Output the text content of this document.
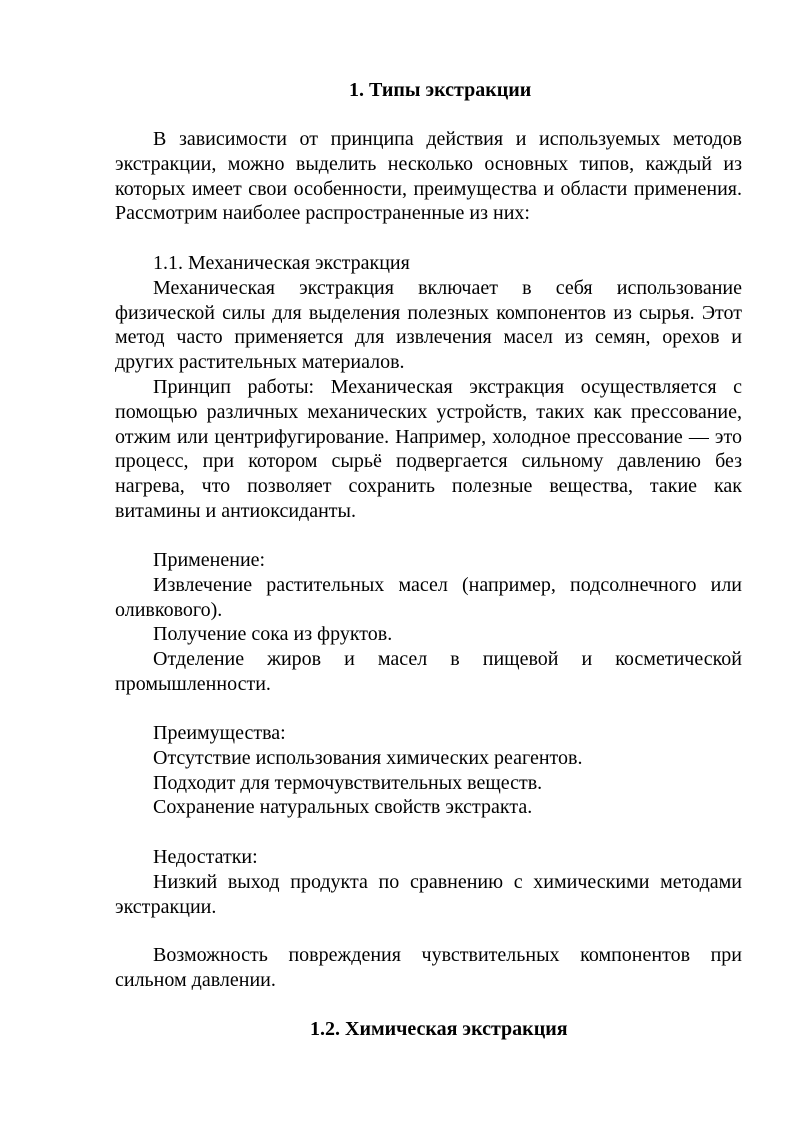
1. Типы экстракции

В зависимости от принципа действия и используемых методов экстракции, можно выделить несколько основных типов, каждый из которых имеет свои особенности, преимущества и области применения. Рассмотрим наиболее распространенные из них:

1.1. Механическая экстракция

Механическая экстракция включает в себя использование физической силы для выделения полезных компонентов из сырья. Этот метод часто применяется для извлечения масел из семян, орехов и других растительных материалов.

Принцип работы: Механическая экстракция осуществляется с помощью различных механических устройств, таких как прессование, отжим или центрифугирование. Например, холодное прессование — это процесс, при котором сырьё подвергается сильному давлению без нагрева, что позволяет сохранить полезные вещества, такие как витамины и антиоксиданты.

Применение:

Извлечение растительных масел (например, подсолнечного или оливкового).

Получение сока из фруктов.

Отделение жиров и масел в пищевой и косметической промышленности.

Преимущества:

Отсутствие использования химических реагентов.

Подходит для термочувствительных веществ.

Сохранение натуральных свойств экстракта.

Недостатки:

Низкий выход продукта по сравнению с химическими методами экстракции.

Возможность повреждения чувствительных компонентов при сильном давлении.

1.2. Химическая экстракция
